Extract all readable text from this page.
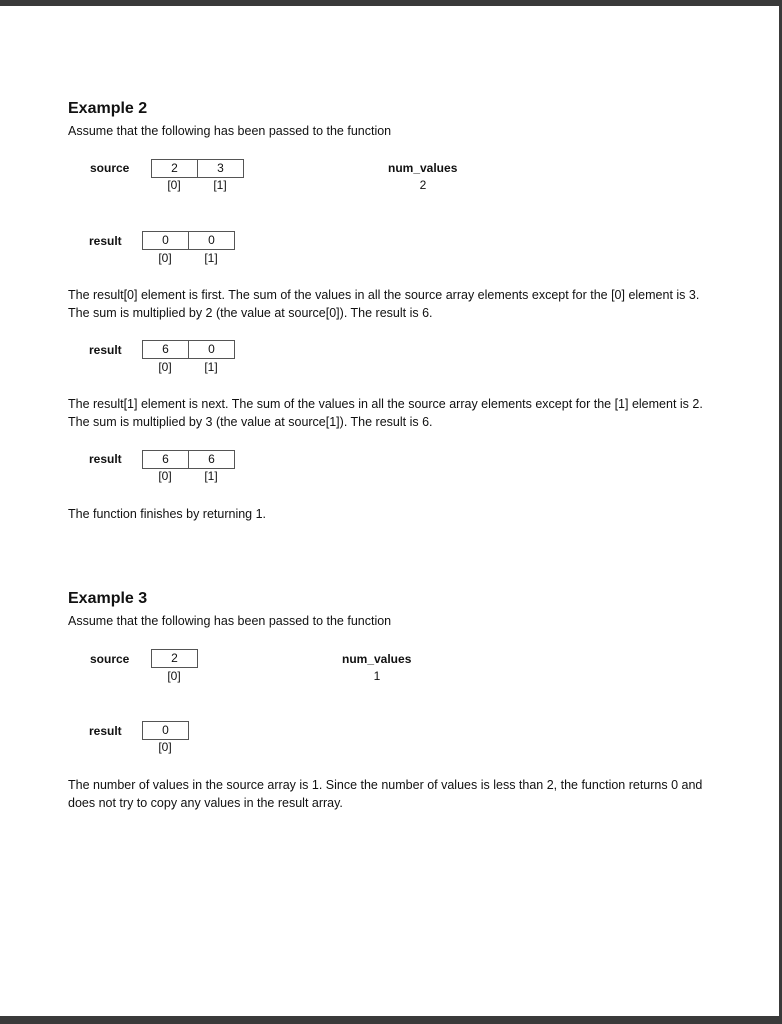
Example 2
Assume that the following has been passed to the function
source	2	3
[0]	[1]
num_values
2
result	0	0
[0]	[1]
The result[0] element is first. The sum of the values in all the source array elements except for the [0] element is 3. The sum is multiplied by 2 (the value at source[0]). The result is 6.
result	6	0
[0]	[1]
The result[1] element is next. The sum of the values in all the source array elements except for the [1] element is 2. The sum is multiplied by 3 (the value at source[1]). The result is 6.
result	6	6
[0]	[1]
The function finishes by returning 1.
Example 3
Assume that the following has been passed to the function
source	2
[0]
num_values
1
result	0
[0]
The number of values in the source array is 1. Since the number of values is less than 2, the function returns 0 and does not try to copy any values in the result array.
